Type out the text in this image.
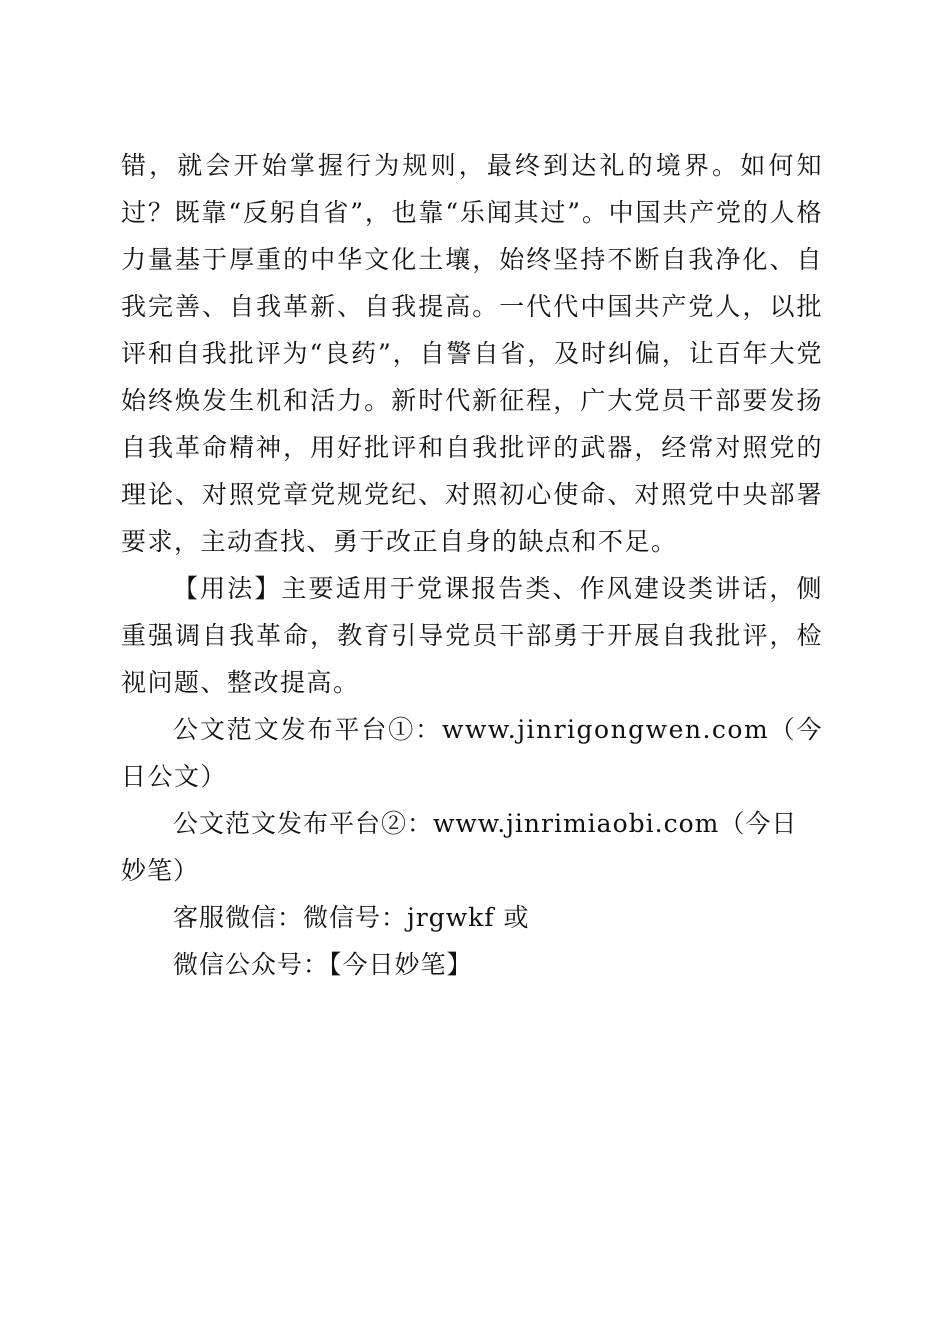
错，就会开始掌握行为规则，最终到达礼的境界。如何知过？既靠“反躬自省”，也靠“乐闻其过”。中国共产党的人格力量基于厚重的中华文化土壤，始终坚持不断自我净化、自我完善、自我革新、自我提高。一代代中国共产党人，以批评和自我批评为“良药”，自警自省，及时纠偏，让百年大党始终焕发生机和活力。新时代新征程，广大党员干部要发扬自我革命精神，用好批评和自我批评的武器，经常对照党的理论、对照党章党规党纪、对照初心使命、对照党中央部署要求，主动查找、勇于改正自身的缺点和不足。

【用法】主要适用于党课报告类、作风建设类讲话，侧重强调自我革命，教育引导党员干部勇于开展自我批评，检视问题、整改提高。

公文范文发布平台①：www.jinrigongwen.com（今日公文）

公文范文发布平台②：www.jinrimiaobi.com（今日妙笔）

客服微信：微信号：jrgwkf 或

微信公众号：【今日妙笔】
